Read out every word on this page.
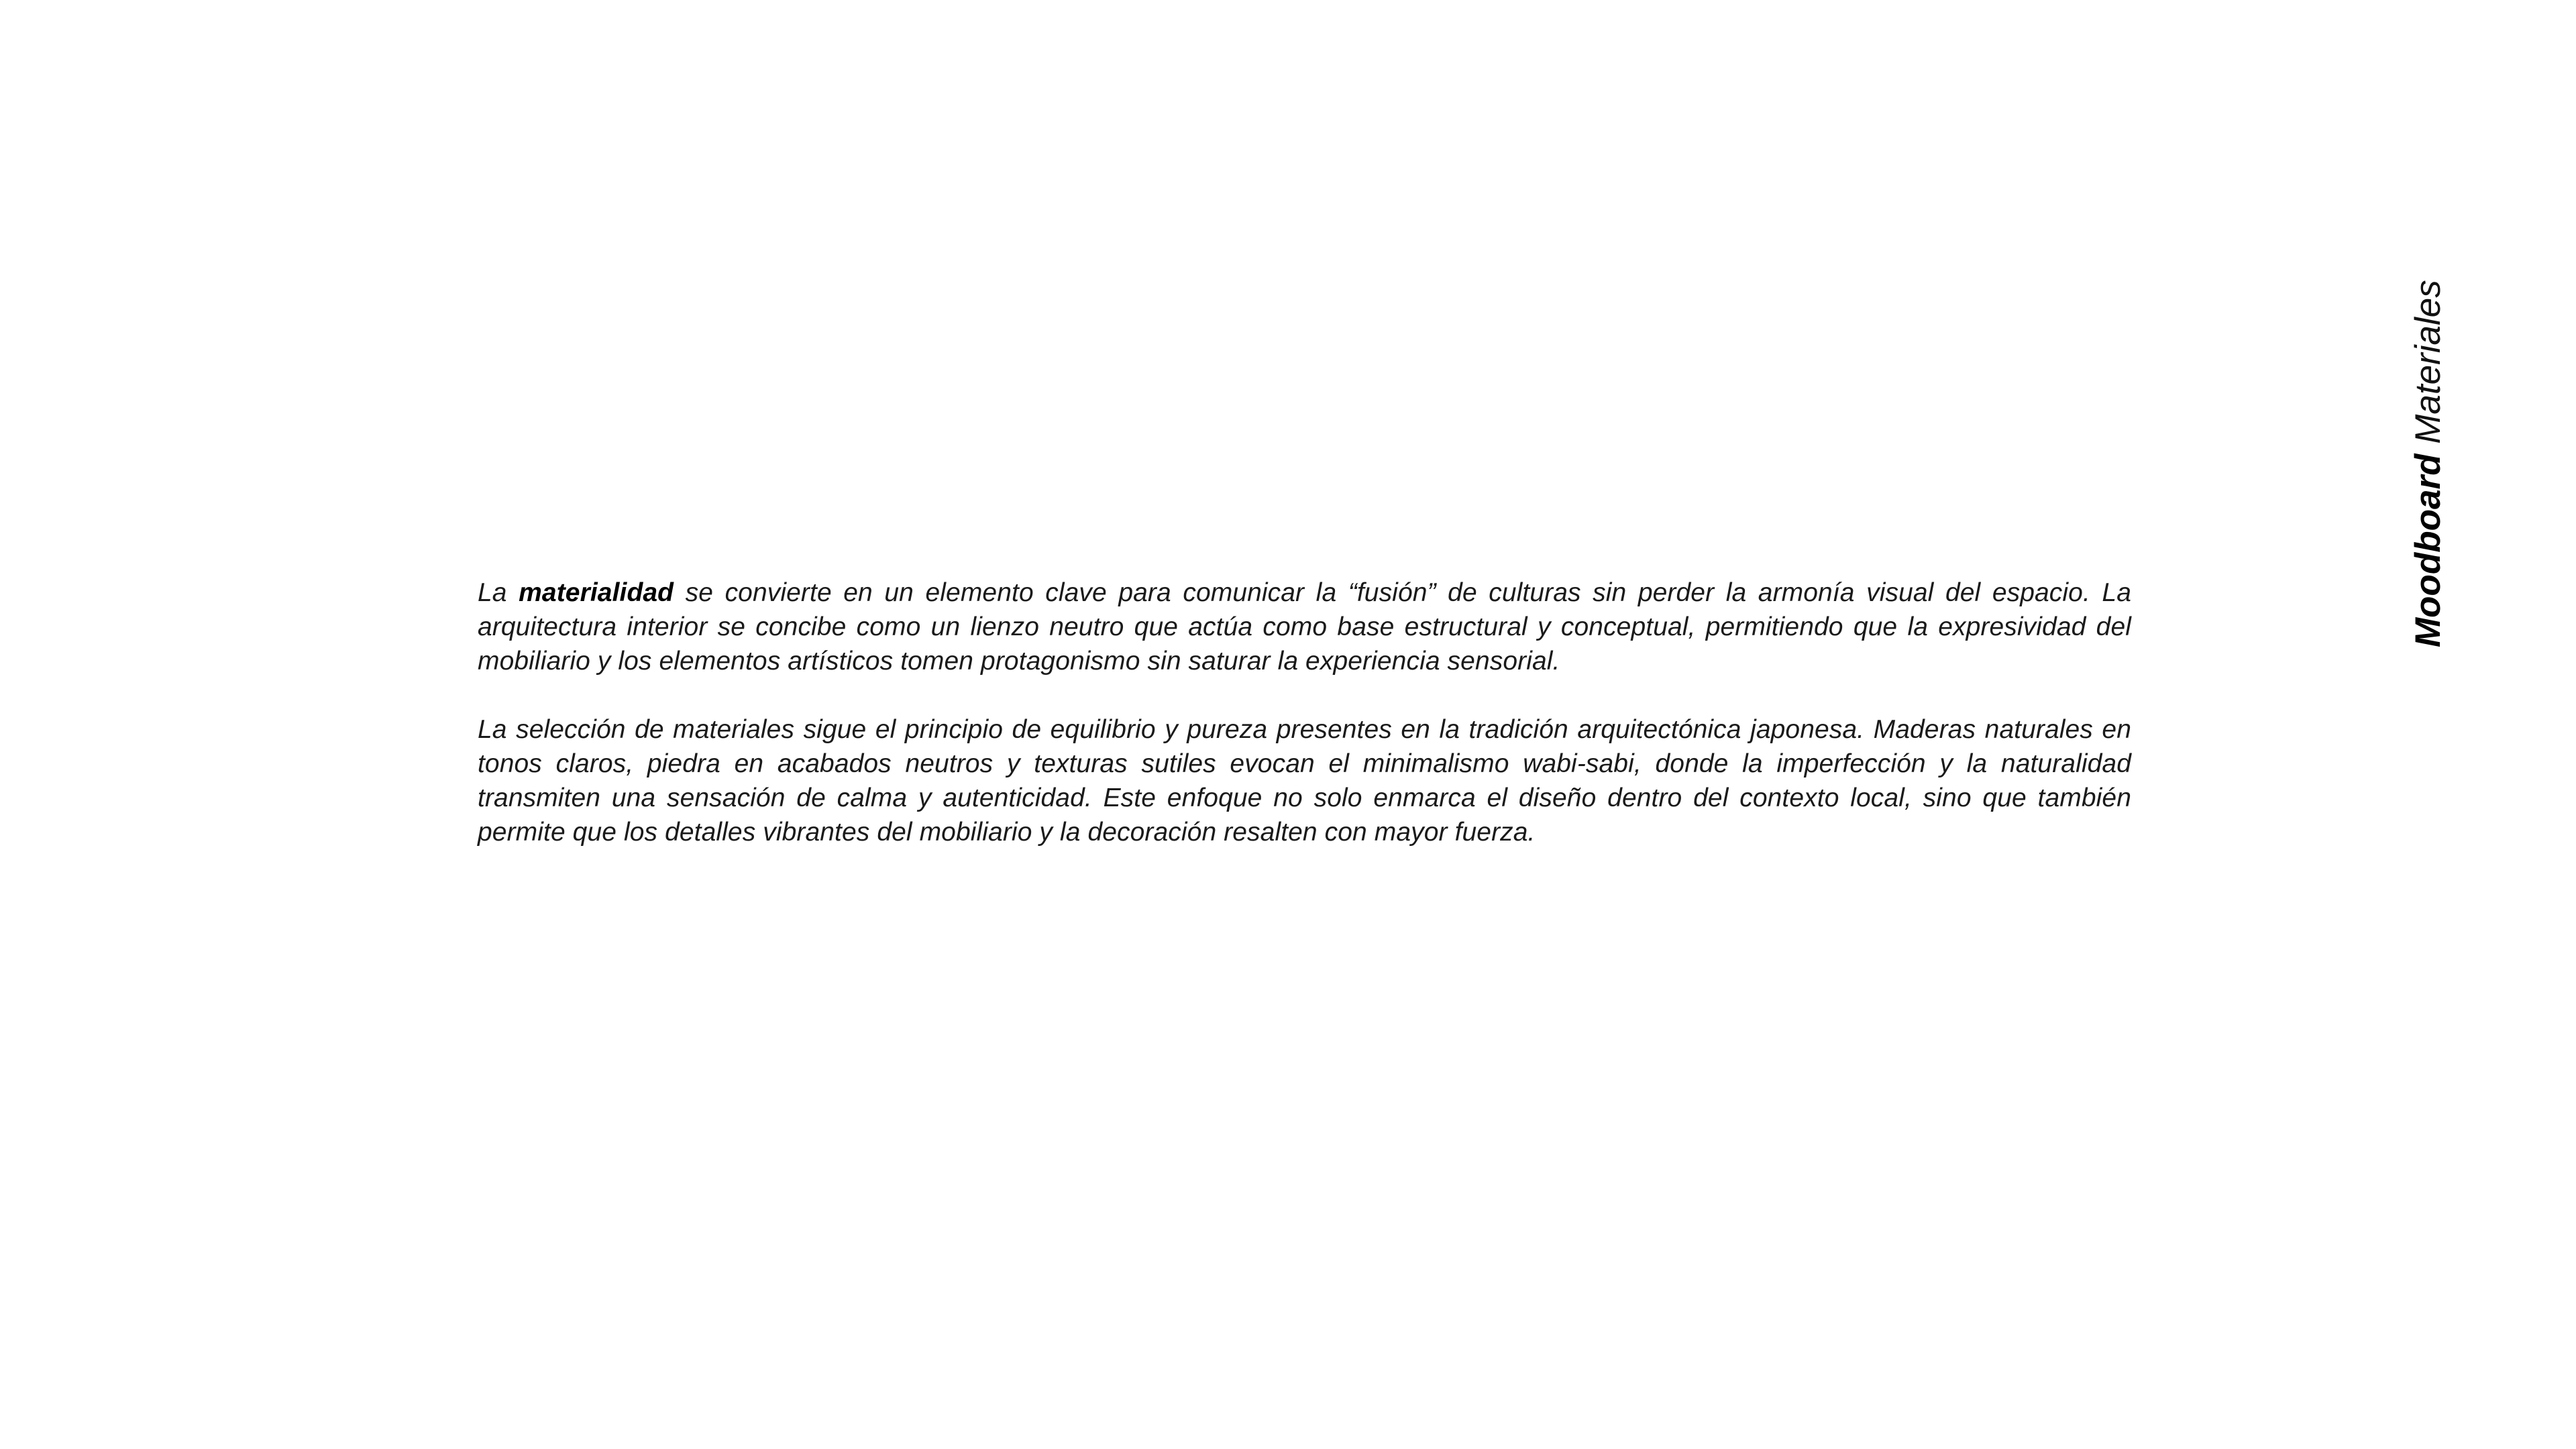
La materialidad se convierte en un elemento clave para comunicar la “fusión” de culturas sin perder la armonía visual del espacio. La arquitectura interior se concibe como un lienzo neutro que actúa como base estructural y conceptual, permitiendo que la expresividad del mobiliario y los elementos artísticos tomen protagonismo sin saturar la experiencia sensorial.

La selección de materiales sigue el principio de equilibrio y pureza presentes en la tradición arquitectónica japonesa. Maderas naturales en tonos claros, piedra en acabados neutros y texturas sutiles evocan el minimalismo wabi-sabi, donde la imperfección y la naturalidad transmiten una sensación de calma y autenticidad. Este enfoque no solo enmarca el diseño dentro del contexto local, sino que también permite que los detalles vibrantes del mobiliario y la decoración resalten con mayor fuerza.

Moodboard Materiales
